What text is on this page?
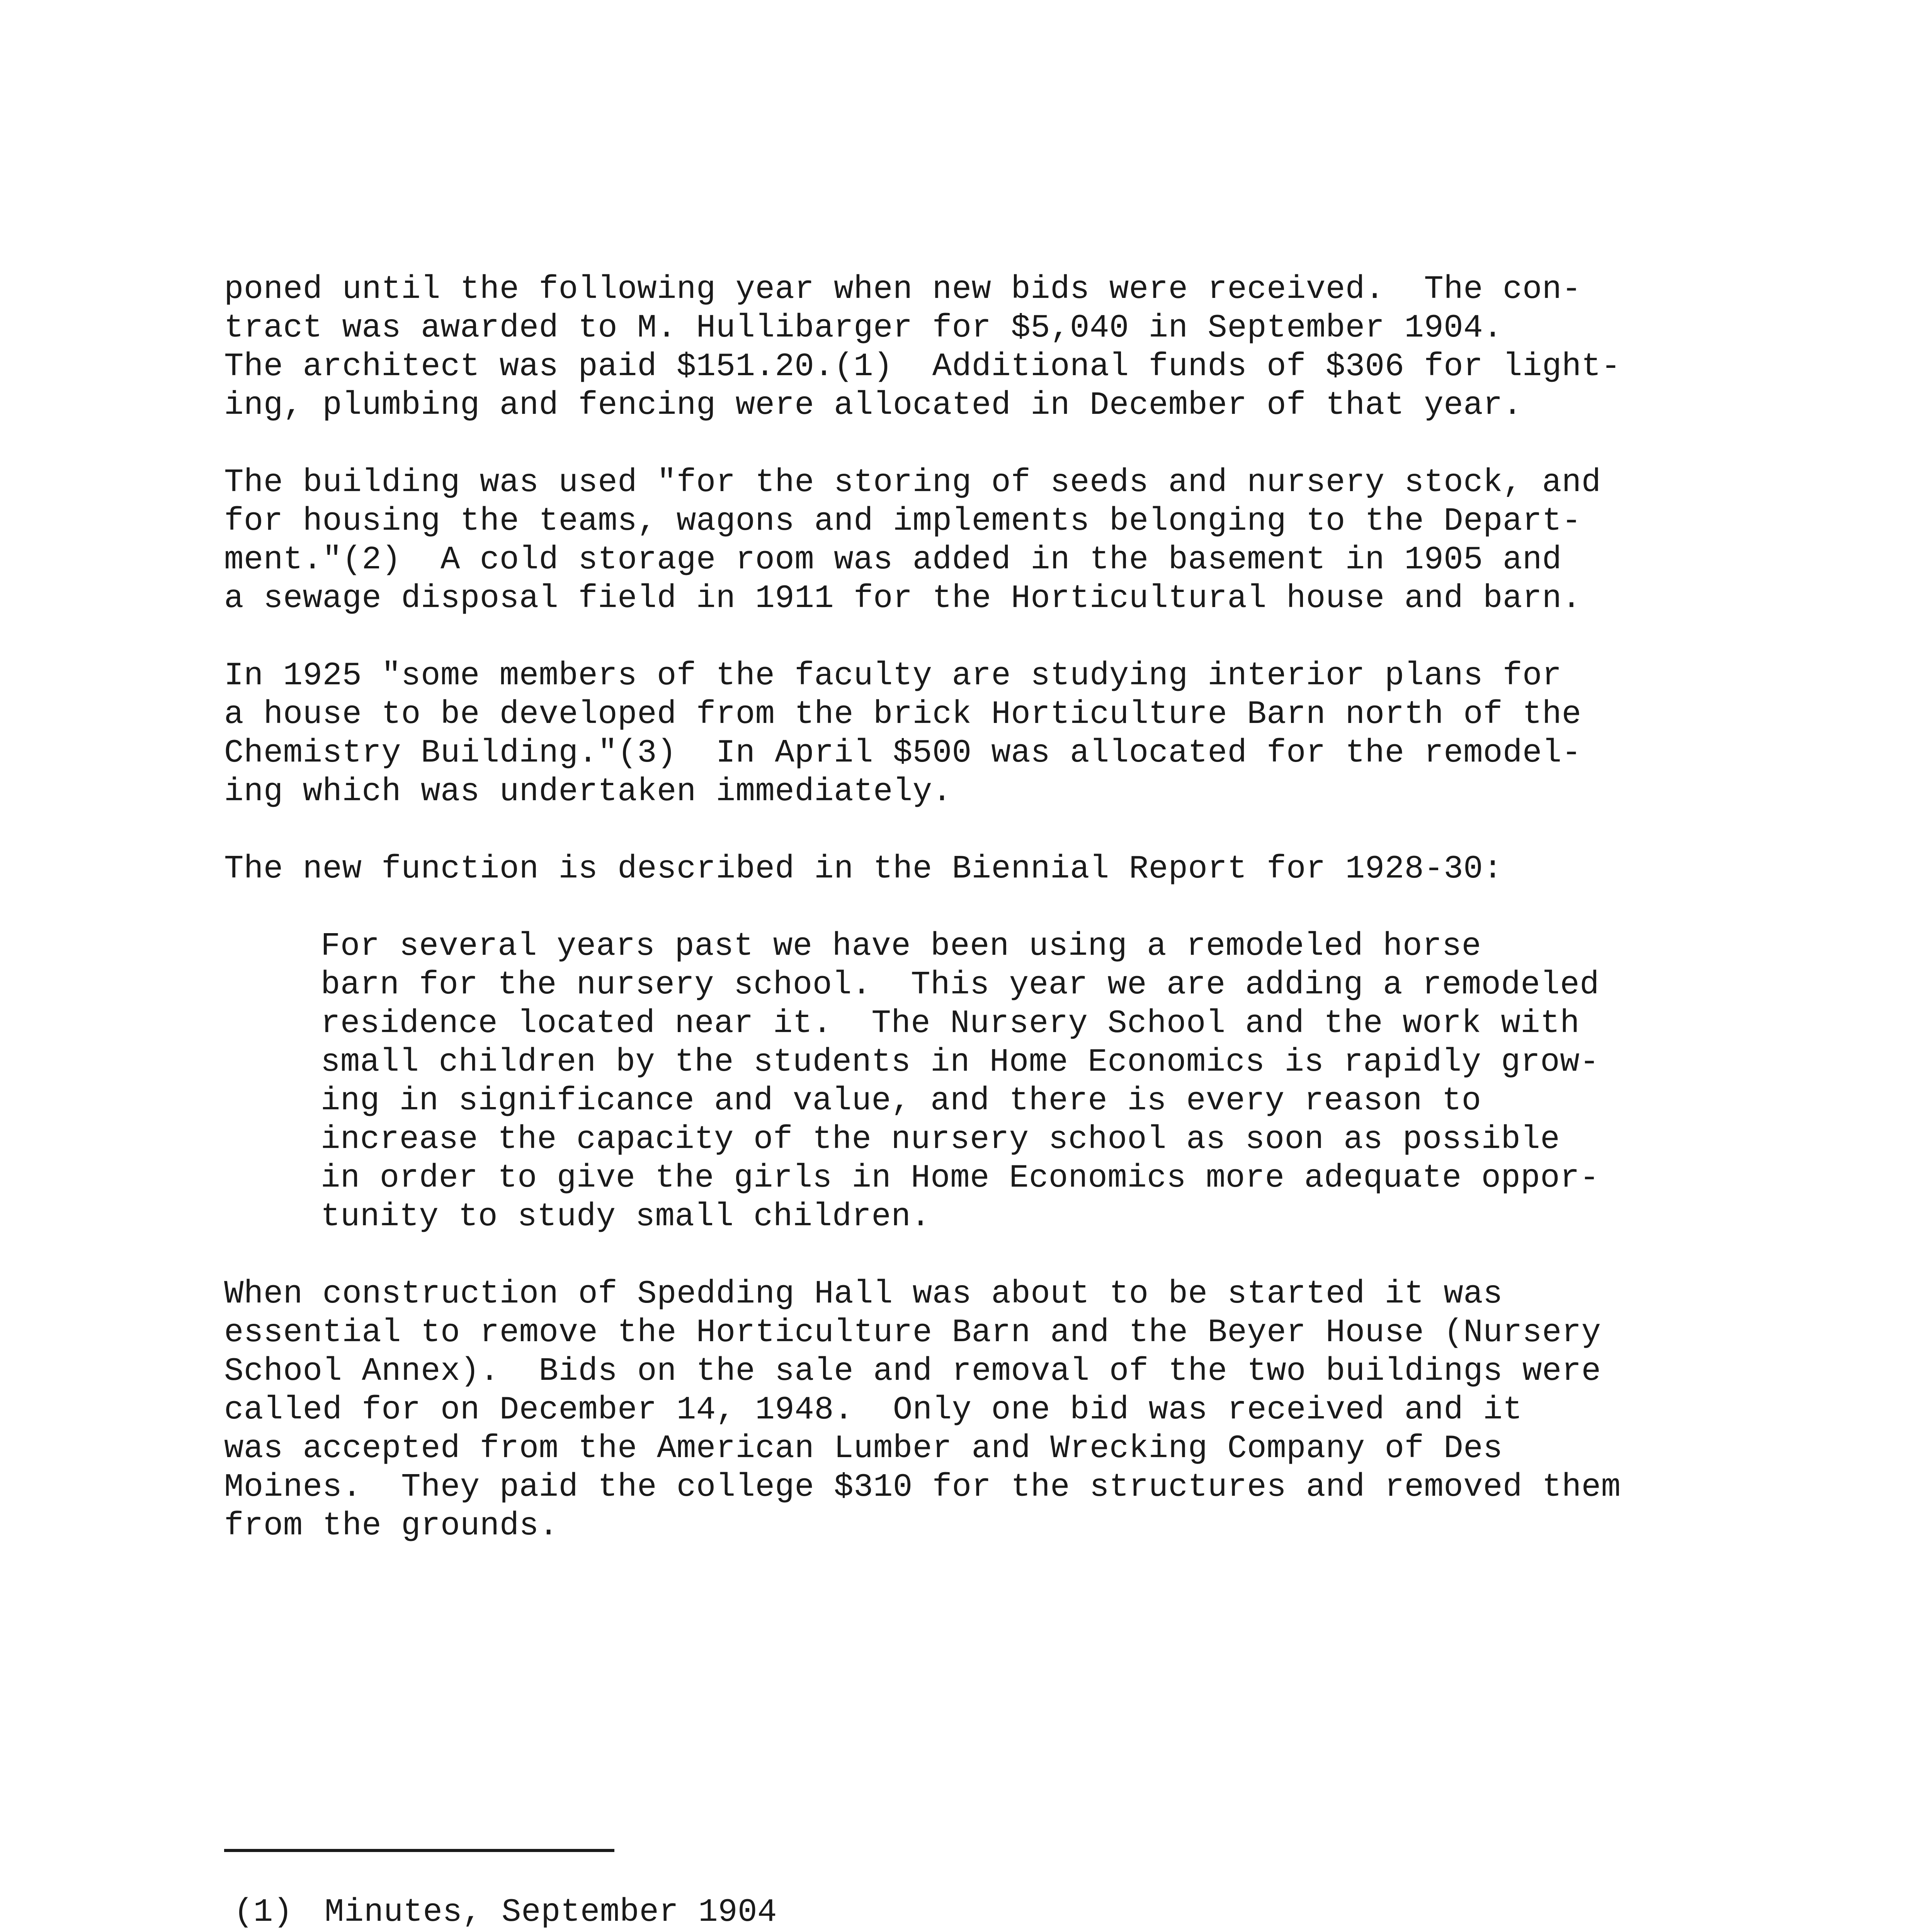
poned until the following year when new bids were received.  The con-
tract was awarded to M. Hullibarger for $5,040 in September 1904.
The architect was paid $151.20.(1)  Additional funds of $306 for light-
ing, plumbing and fencing were allocated in December of that year.

The building was used "for the storing of seeds and nursery stock, and
for housing the teams, wagons and implements belonging to the Depart-
ment."(2)  A cold storage room was added in the basement in 1905 and
a sewage disposal field in 1911 for the Horticultural house and barn.

In 1925 "some members of the faculty are studying interior plans for
a house to be developed from the brick Horticulture Barn north of the
Chemistry Building."(3)  In April $500 was allocated for the remodel-
ing which was undertaken immediately.

The new function is described in the Biennial Report for 1928-30:

For several years past we have been using a remodeled horse
barn for the nursery school.  This year we are adding a remodeled
residence located near it.  The Nursery School and the work with
small children by the students in Home Economics is rapidly grow-
ing in significance and value, and there is every reason to
increase the capacity of the nursery school as soon as possible
in order to give the girls in Home Economics more adequate oppor-
tunity to study small children.

When construction of Spedding Hall was about to be started it was
essential to remove the Horticulture Barn and the Beyer House (Nursery
School Annex).  Bids on the sale and removal of the two buildings were
called for on December 14, 1948.  Only one bid was received and it
was accepted from the American Lumber and Wrecking Company of Des
Moines.  They paid the college $310 for the structures and removed them
from the grounds.

(1) Minutes, September 1904
